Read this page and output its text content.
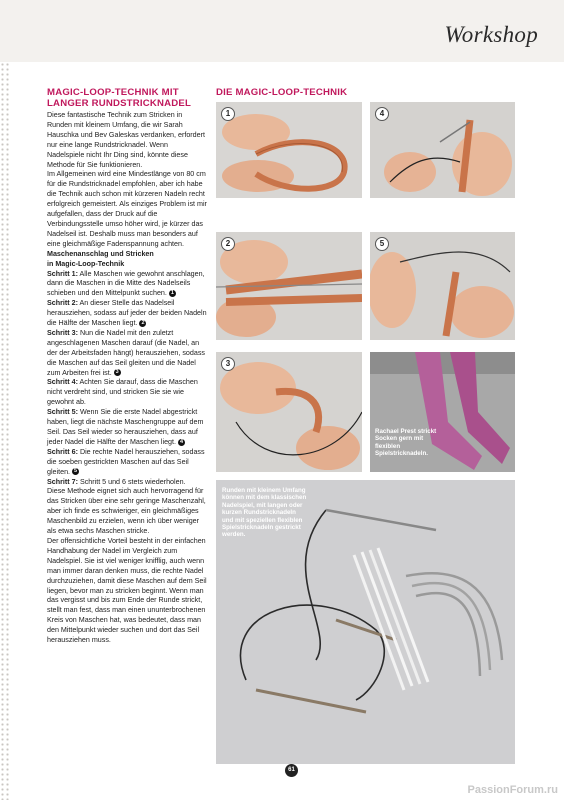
Workshop
MAGIC-LOOP-TECHNIK MIT
LANGER RUNDSTRICKNADEL

Diese fantastische Technik zum Stricken in Runden mit kleinem Umfang, die wir Sarah Hauschka und Bev Galeskas verdanken, erfordert nur eine lange Rundstricknadel. Wenn Nadelspiele nicht Ihr Ding sind, könnte diese Methode für Sie funktionieren.

Im Allgemeinen wird eine Mindestlänge von 80 cm für die Rundstricknadel empfohlen, aber ich habe die Technik auch schon mit kürzeren Nadeln recht erfolgreich gemeistert. Als einziges Problem ist mir aufgefallen, dass der Druck auf die Verbindungsstelle umso höher wird, je kürzer das Nadelseil ist. Deshalb muss man besonders auf eine gleichmäßige Fadenspannung achten.

Maschenanschlag und Stricken
in Magic-Loop-Technik

Schritt 1: Alle Maschen wie gewohnt anschlagen, dann die Maschen in die Mitte des Nadelseils schieben und den Mittelpunkt suchen. 1

Schritt 2: An dieser Stelle das Nadelseil herausziehen, sodass auf jeder der beiden Nadeln die Hälfte der Maschen liegt. 2

Schritt 3: Nun die Nadel mit den zuletzt angeschlagenen Maschen darauf (die Nadel, an der der Arbeitsfaden hängt) herausziehen, sodass die Maschen auf das Seil gleiten und die Nadel zum Arbeiten frei ist. 3

Schritt 4: Achten Sie darauf, dass die Maschen nicht verdreht sind, und stricken Sie sie wie gewohnt ab.

Schritt 5: Wenn Sie die erste Nadel abgestrickt haben, liegt die nächste Maschengruppe auf dem Seil. Das Seil wieder so herausziehen, dass auf jeder Nadel die Hälfte der Maschen liegt. 4

Schritt 6: Die rechte Nadel herausziehen, sodass die soeben gestrickten Maschen auf das Seil gleiten. 5

Schritt 7: Schritt 5 und 6 stets wiederholen.

Diese Methode eignet sich auch hervorragend für das Stricken über eine sehr geringe Maschenzahl, aber ich finde es schwieriger, ein gleichmäßiges Maschenbild zu erzielen, wenn ich über weniger als etwa sechs Maschen stricke.

Der offensichtliche Vorteil besteht in der einfachen Handhabung der Nadel im Vergleich zum Nadelspiel. Sie ist viel weniger knifflig, auch wenn man immer daran denken muss, die rechte Nadel durchzuziehen, damit diese Maschen auf dem Seil liegen, bevor man zu stricken beginnt. Wenn man das vergisst und bis zum Ende der Runde strickt, stellt man fest, dass man einen ununterbrochenen Kreis von Maschen hat, was bedeutet, dass man den Mittelpunkt wieder suchen und dort das Seil herausziehen muss.

DIE MAGIC-LOOP-TECHNIK
1	4
2	5
3
Rachael Prest strickt Socken gern mit flexiblen Spielstricknadeln.
Runden mit kleinem Umfang können mit dem klassischen Nadelspiel, mit langen oder kurzen Rundstricknadeln und mit speziellen flexiblen Spielstricknadeln gestrickt werden.
61
PassionForum.ru
